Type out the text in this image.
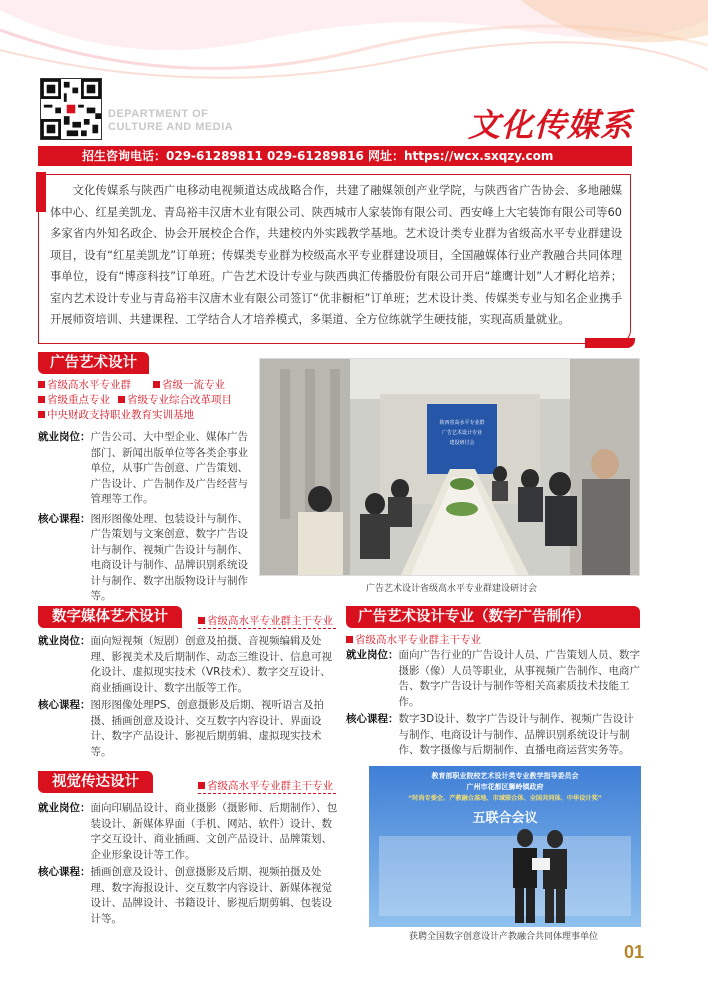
DEPARTMENT OF
CULTURE AND MEDIA	文化传媒系
招生咨询电话：029-61289811 029-61289816 网址：https://wcx.sxqzy.com

文化传媒系与陕西广电移动电视频道达成战略合作，共建了融媒领创产业学院，与陕西省广告协会、多地融媒体中心、红星美凯龙、青岛裕丰汉唐木业有限公司、陕西城市人家装饰有限公司、西安峰上大宅装饰有限公司等60多家省内外知名政企、协会开展校企合作，共建校内外实践教学基地。艺术设计类专业群为省级高水平专业群建设项目，设有“红星美凯龙”订单班；传媒类专业群为校级高水平专业群建设项目，全国融媒体行业产教融合共同体理事单位，设有“博彦科技”订单班。广告艺术设计专业与陕西典汇传播股份有限公司开启“雄鹰计划”人才孵化培养；室内艺术设计专业与青岛裕丰汉唐木业有限公司签订“优非橱柜”订单班；艺术设计类、传媒类专业与知名企业携手开展师资培训、共建课程、工学结合人才培养模式，多渠道、全方位练就学生硬技能，实现高质量就业。

广告艺术设计
省级高水平专业群	省级一流专业
省级重点专业 省级专业综合改革项目
中央财政支持职业教育实训基地
就业岗位： 广告公司、大中型企业、媒体广告部门、新闻出版单位等各类企事业单位，从事广告创意、广告策划、广告设计、广告制作及广告经营与管理等工作。
核心课程： 图形图像处理、包装设计与制作、广告策划与文案创意、数字广告设计与制作、视频广告设计与制作、电商设计与制作、品牌识别系统设计与制作、数字出版物设计与制作等。
陕西省高水平专业群
广告艺术设计专业
建设研讨会
广告艺术设计省级高水平专业群建设研讨会
数字媒体艺术设计	省级高水平专业群主干专业
就业岗位： 面向短视频（短剧）创意及拍摄、音视频编辑及处理、影视美术及后期制作、动态三维设计、信息可视化设计、虚拟现实技术（VR技术）、数字交互设计、商业插画设计、数字出版等工作。
核心课程： 图形图像处理PS、创意摄影及后期、视听语言及拍摄、插画创意及设计、交互数字内容设计、界面设计、数字产品设计、影视后期剪辑、虚拟现实技术等。
广告艺术设计专业（数字广告制作）
省级高水平专业群主干专业
就业岗位： 面向广告行业的广告设计人员、广告策划人员、数字摄影（像）人员等职业，从事视频广告制作、电商广告、数字广告设计与制作等相关高素质技术技能工作。
核心课程： 数字3D设计、数字广告设计与制作、视频广告设计与制作、电商设计与制作、品牌识别系统设计与制作、数字摄像与后期制作、直播电商运营实务等。
视觉传达设计	省级高水平专业群主干专业
就业岗位： 面向印刷品设计、商业摄影（摄影师、后期制作）、包装设计、新媒体界面（手机、网站、软件）设计、数字交互设计、商业插画、文创产品设计、品牌策划、企业形象设计等工作。
核心课程： 插画创意及设计、创意摄影及后期、视频拍摄及处理、数字海报设计、交互数字内容设计、新媒体视觉设计、品牌设计、书籍设计、影视后期剪辑、包装设计等。
教育部职业院校艺术设计类专业教学指导委员会
广州市花都区狮岭镇政府
“时尚专委会、产教融合基地、市域联合体、全国共同体、中华设计奖”
五联合会议
获聘全国数字创意设计产教融合共同体理事单位
01
